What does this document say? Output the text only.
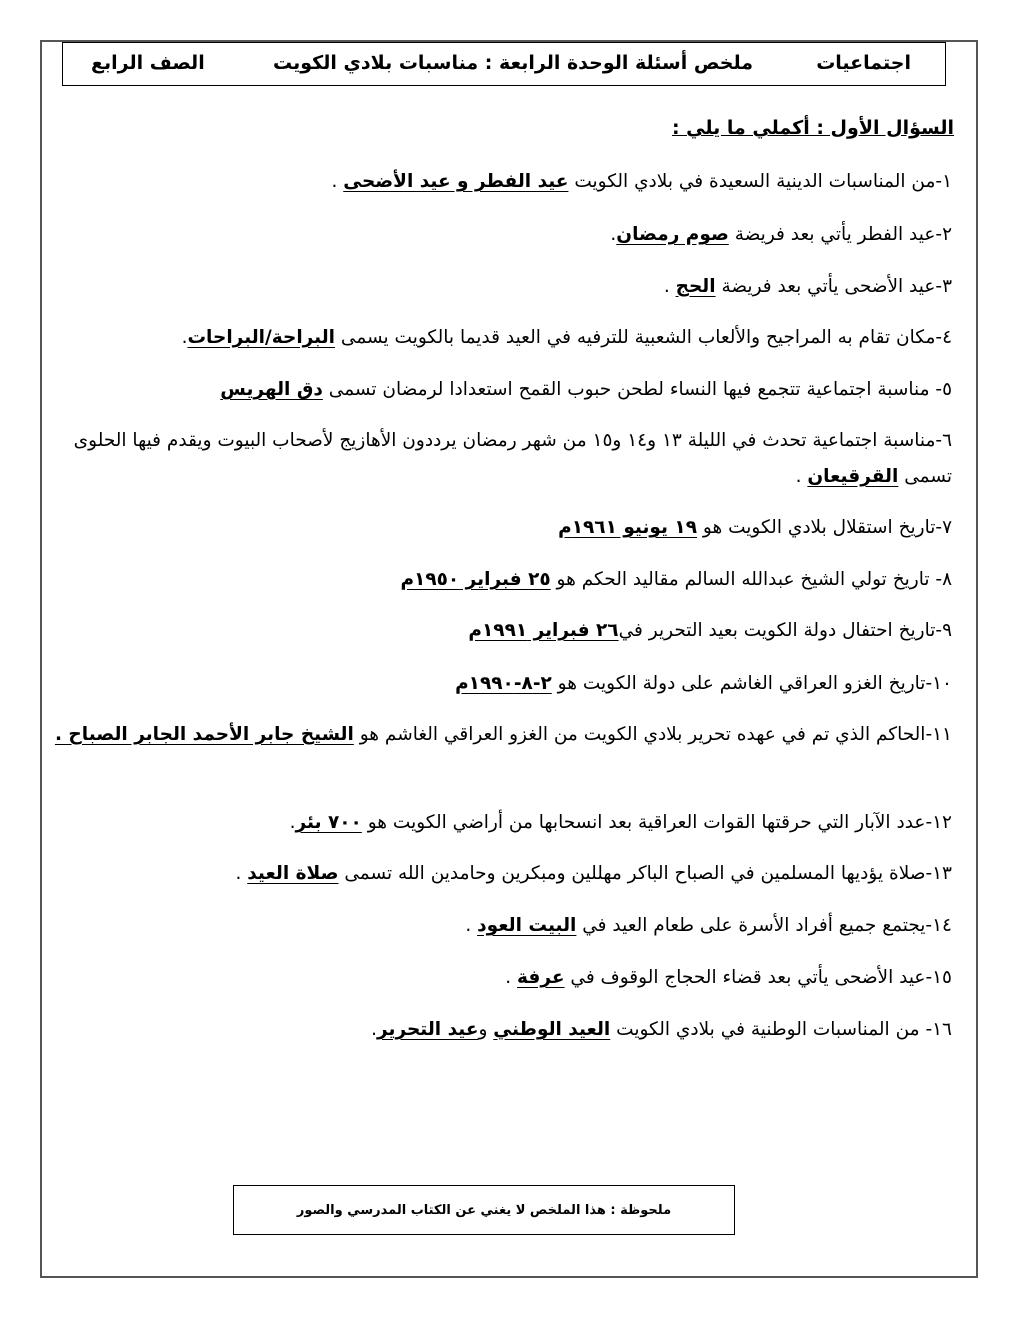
اجتماعيات
ملخص أسئلة الوحدة الرابعة : مناسبات بلادي الكويت
الصف الرابع
السؤال الأول : أكملي ما يلي :
١-من المناسبات الدينية السعيدة في بلادي الكويت عيد الفطر و عيد الأضحى .
٢-عيد الفطر يأتي بعد فريضة صوم رمضان.
٣-عيد الأضحى يأتي بعد فريضة الحج .
٤-مكان تقام به المراجيح والألعاب الشعبية للترفيه في العيد قديما بالكويت يسمى البراحة/البراحات.
٥- مناسبة اجتماعية تتجمع فيها النساء لطحن حبوب القمح استعدادا لرمضان تسمى دق الهريس
٦-مناسبة اجتماعية تحدث في الليلة ١٣ و١٤ و١٥ من شهر رمضان يرددون الأهازيج لأصحاب البيوت ويقدم فيها الحلوى تسمى القرقيعان .
٧-تاريخ استقلال بلادي الكويت هو ١٩ يونيو ١٩٦١م
٨- تاريخ تولي الشيخ عبدالله السالم مقاليد الحكم هو ٢٥ فبراير ١٩٥٠م
٩-تاريخ احتفال دولة الكويت بعيد التحرير في٢٦ فبراير ١٩٩١م
١٠-تاريخ الغزو العراقي الغاشم على دولة الكويت هو ٢-٨-١٩٩٠م
١١-الحاكم الذي تم في عهده تحرير بلادي الكويت من الغزو العراقي الغاشم هو الشيخ جابر الأحمد الجابر الصباح .
١٢-عدد الآبار التي حرقتها القوات العراقية بعد انسحابها من أراضي الكويت هو ٧٠٠ بئر.
١٣-صلاة يؤديها المسلمين في الصباح الباكر مهللين ومبكرين وحامدين الله تسمى صلاة العيد .
١٤-يجتمع جميع أفراد الأسرة على طعام العيد في البيت العود .
١٥-عيد الأضحى يأتي بعد قضاء الحجاج الوقوف في عرفة .
١٦- من المناسبات الوطنية في بلادي الكويت العيد الوطني وعيد التحرير.
ملحوظة : هذا الملخص لا يغني عن الكتاب المدرسي والصور
